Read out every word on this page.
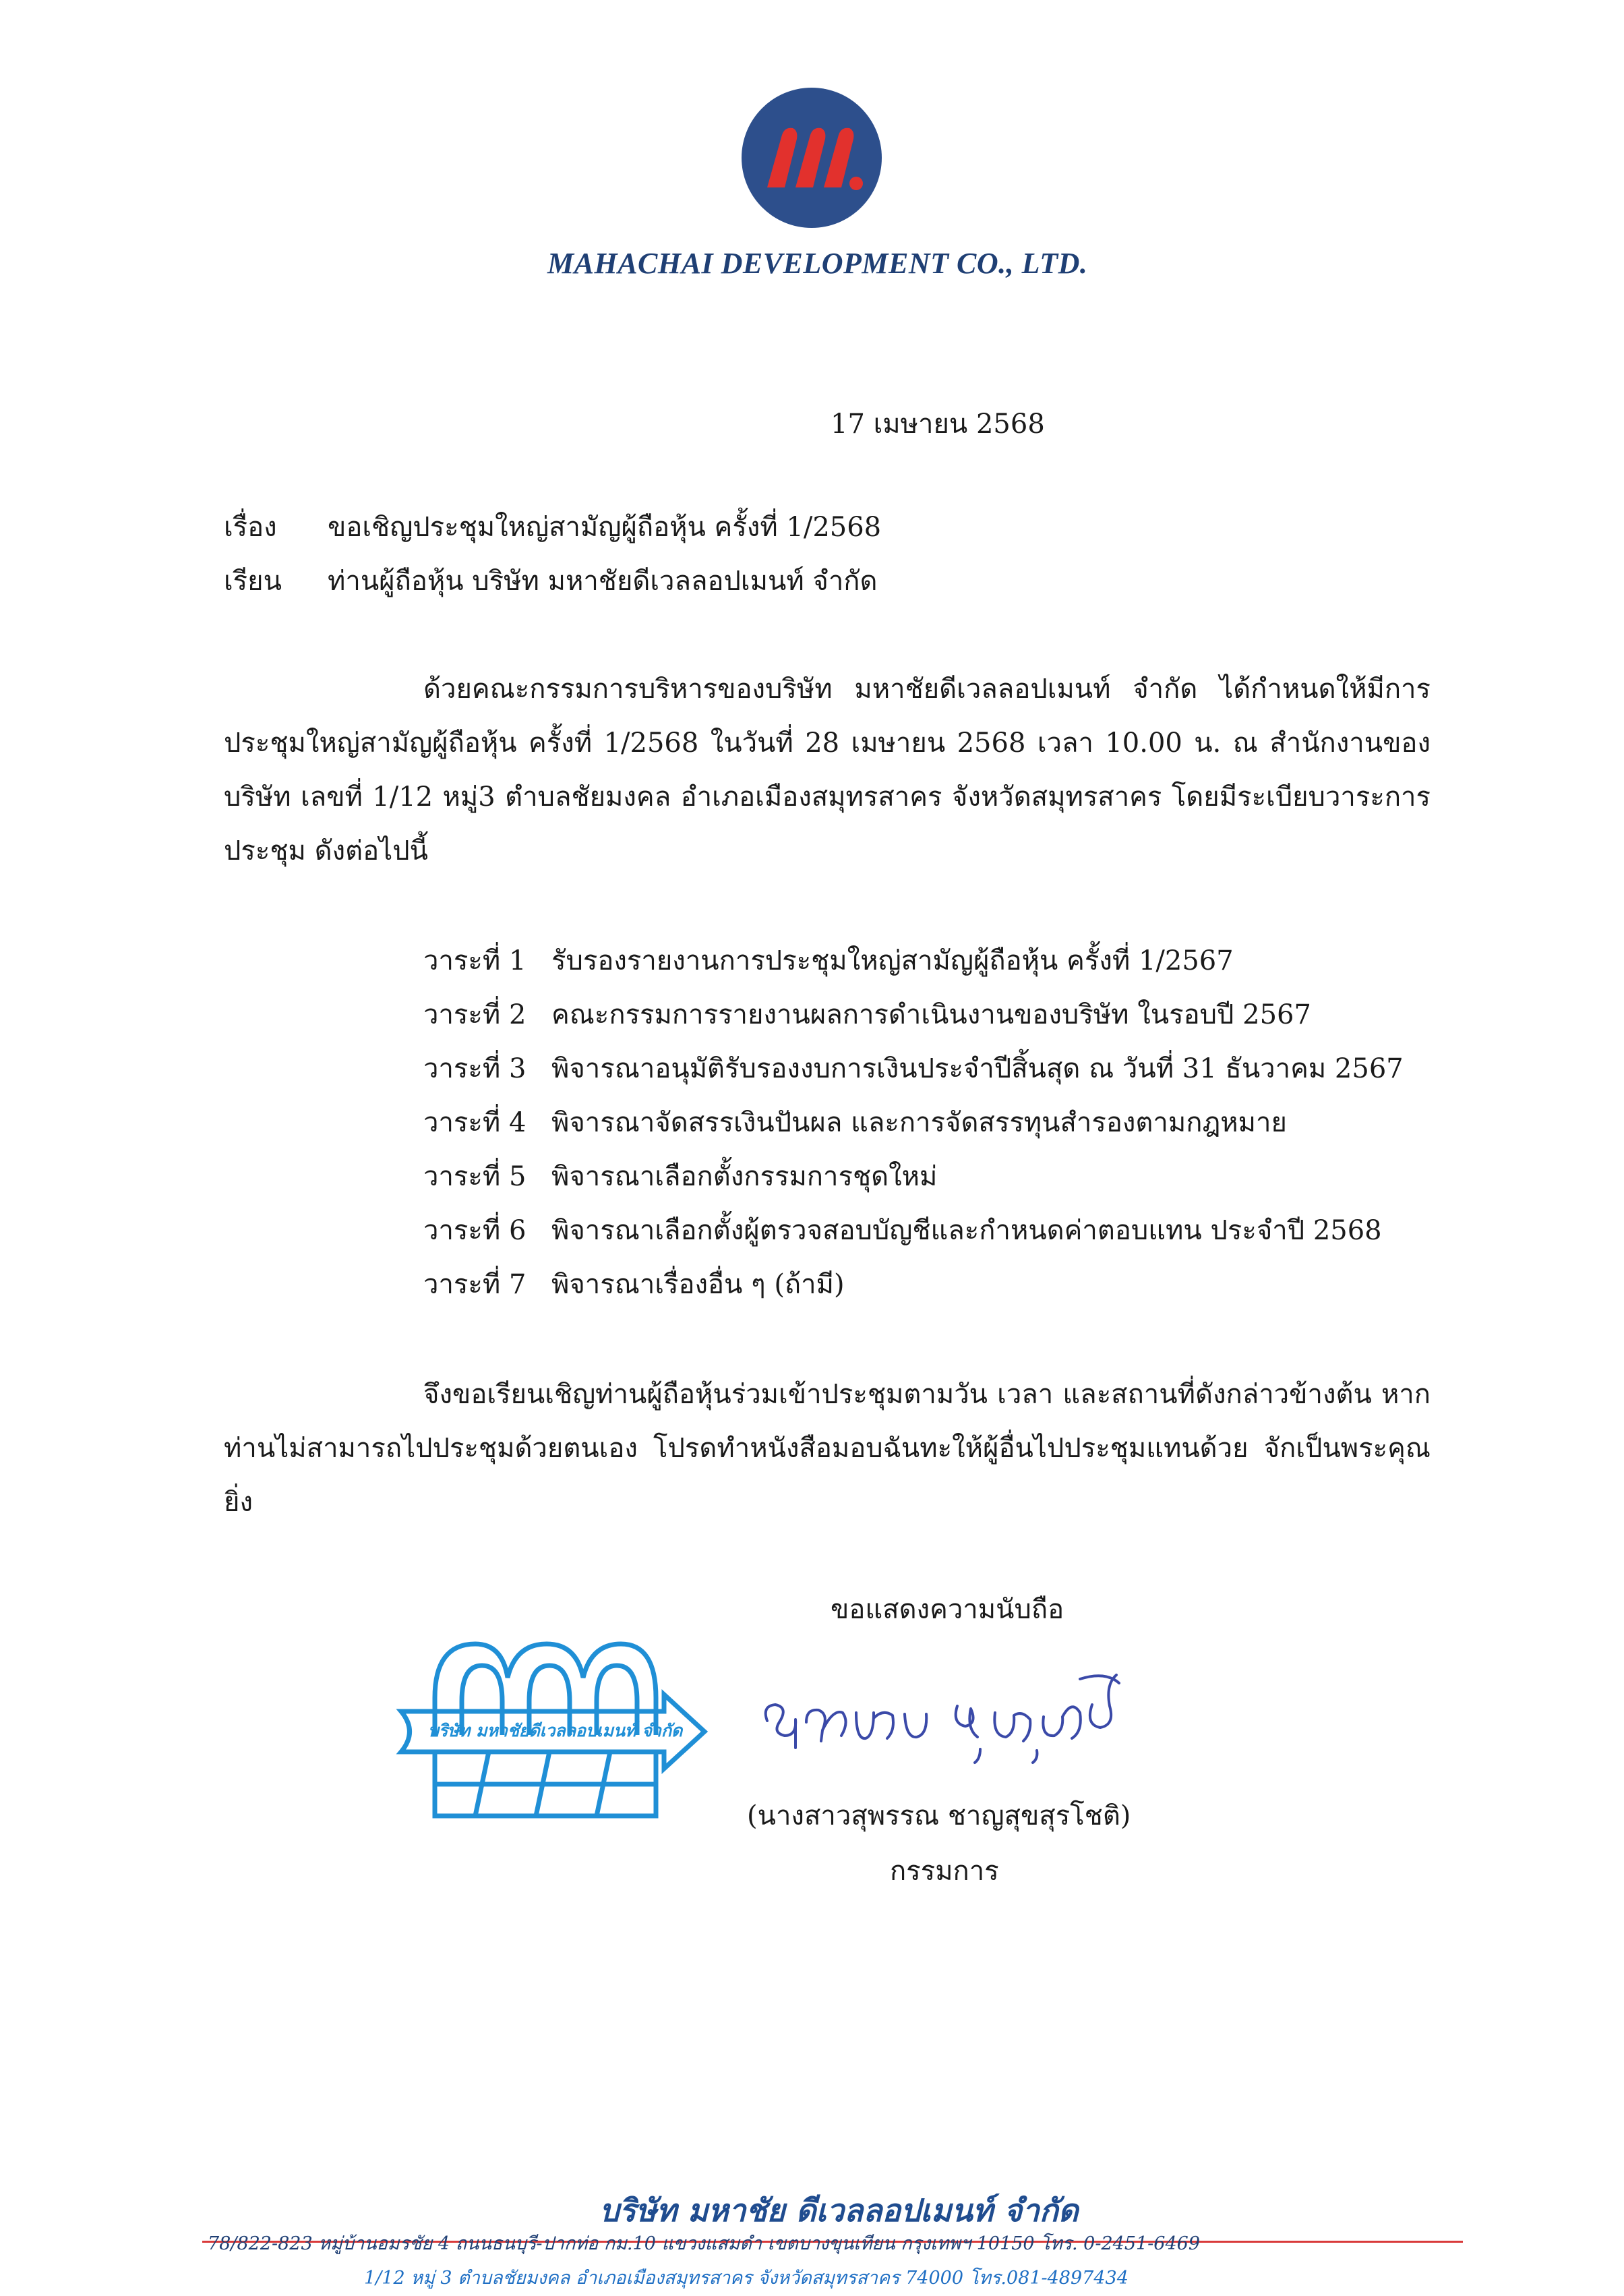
MAHACHAI DEVELOPMENT CO., LTD.
17 เมษายน 2568
เรื่อง ขอเชิญประชุมใหญ่สามัญผู้ถือหุ้น ครั้งที่ 1/2568
เรียน ท่านผู้ถือหุ้น บริษัท มหาชัยดีเวลลอปเมนท์ จำกัด
ด้วยคณะกรรมการบริหารของบริษัท มหาชัยดีเวลลอปเมนท์ จำกัด ได้กำหนดให้มีการประชุมใหญ่สามัญผู้ถือหุ้น ครั้งที่ 1/2568 ในวันที่ 28 เมษายน 2568 เวลา 10.00 น. ณ สำนักงานของบริษัท เลขที่ 1/12 หมู่3 ตำบลชัยมงคล อำเภอเมืองสมุทรสาคร จังหวัดสมุทรสาคร โดยมีระเบียบวาระการประชุม ดังต่อไปนี้
วาระที่ 1 รับรองรายงานการประชุมใหญ่สามัญผู้ถือหุ้น ครั้งที่ 1/2567
วาระที่ 2 คณะกรรมการรายงานผลการดำเนินงานของบริษัท ในรอบปี 2567
วาระที่ 3 พิจารณาอนุมัติรับรองงบการเงินประจำปีสิ้นสุด ณ วันที่ 31 ธันวาคม 2567
วาระที่ 4 พิจารณาจัดสรรเงินปันผล และการจัดสรรทุนสำรองตามกฎหมาย
วาระที่ 5 พิจารณาเลือกตั้งกรรมการชุดใหม่
วาระที่ 6 พิจารณาเลือกตั้งผู้ตรวจสอบบัญชีและกำหนดค่าตอบแทน ประจำปี 2568
วาระที่ 7 พิจารณาเรื่องอื่น ๆ (ถ้ามี)
จึงขอเรียนเชิญท่านผู้ถือหุ้นร่วมเข้าประชุมตามวัน เวลา และสถานที่ดังกล่าวข้างต้น หากท่านไม่สามารถไปประชุมด้วยตนเอง โปรดทำหนังสือมอบฉันทะให้ผู้อื่นไปประชุมแทนด้วย จักเป็นพระคุณยิ่ง
ขอแสดงความนับถือ
บริษัท มหาชัยดีเวลลอปเมนท์ จำกัด
(นางสาวสุพรรณ ชาญสุขสุรโชติ)
กรรมการ
บริษัท มหาชัย ดีเวลลอปเมนท์ จำกัด
78/822-823 หมู่บ้านอมรชัย 4 ถนนธนบุรี-ปากท่อ กม.10 แขวงแสมดำ เขตบางขุนเทียน กรุงเทพฯ 10150 โทร. 0-2451-6469
1/12 หมู่ 3 ตำบลชัยมงคล อำเภอเมืองสมุทรสาคร จังหวัดสมุทรสาคร 74000 โทร.081-4897434
